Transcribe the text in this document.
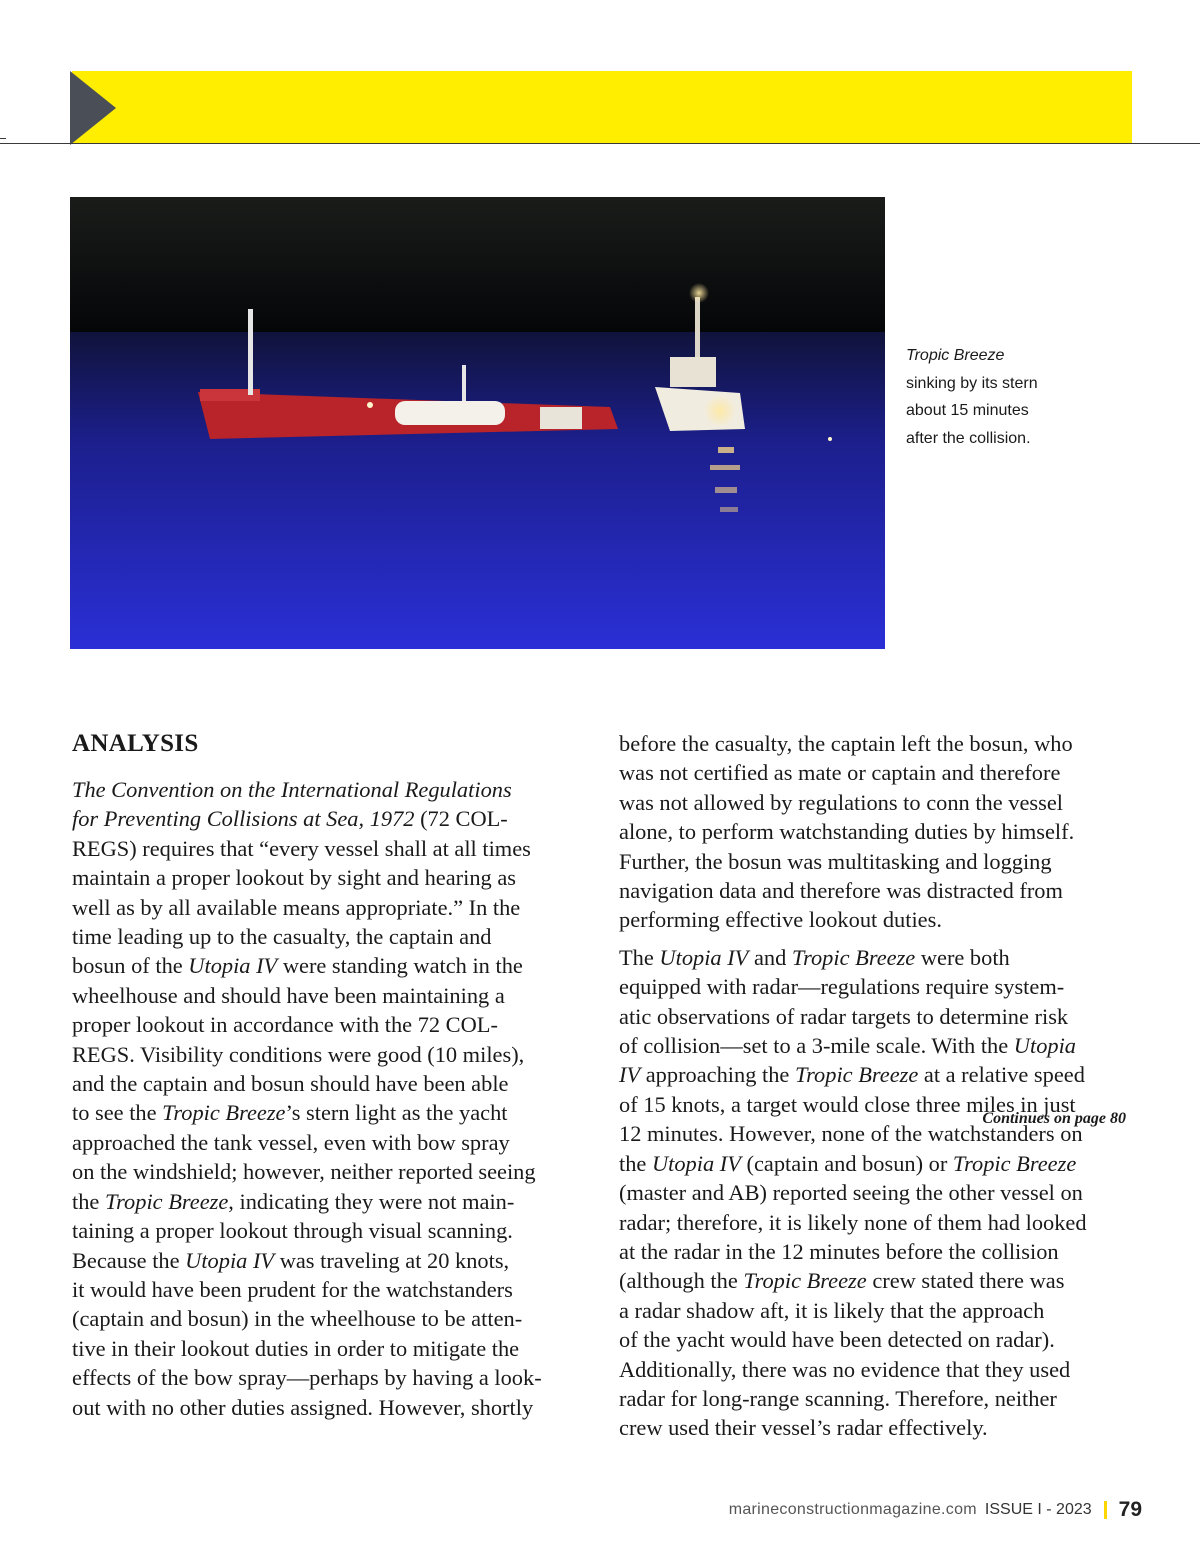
Tropic Breeze
sinking by its stern
about 15 minutes
after the collision.
ANALYSIS
The Convention on the International Regulations
for Preventing Collisions at Sea, 1972 (72 COL-
REGS) requires that “every vessel shall at all times
maintain a proper lookout by sight and hearing as
well as by all available means appropriate.” In the
time leading up to the casualty, the captain and
bosun of the Utopia IV were standing watch in the
wheelhouse and should have been maintaining a
proper lookout in accordance with the 72 COL-
REGS. Visibility conditions were good (10 miles),
and the captain and bosun should have been able
to see the Tropic Breeze’s stern light as the yacht
approached the tank vessel, even with bow spray
on the windshield; however, neither reported seeing
the Tropic Breeze, indicating they were not main-
taining a proper lookout through visual scanning.
Because the Utopia IV was traveling at 20 knots,
it would have been prudent for the watchstanders
(captain and bosun) in the wheelhouse to be atten-
tive in their lookout duties in order to mitigate the
effects of the bow spray—perhaps by having a look-
out with no other duties assigned. However, shortly
before the casualty, the captain left the bosun, who
was not certified as mate or captain and therefore
was not allowed by regulations to conn the vessel
alone, to perform watchstanding duties by himself.
Further, the bosun was multitasking and logging
navigation data and therefore was distracted from
performing effective lookout duties.
The Utopia IV and Tropic Breeze were both
equipped with radar—regulations require system-
atic observations of radar targets to determine risk
of collision—set to a 3-mile scale. With the Utopia
IV approaching the Tropic Breeze at a relative speed
of 15 knots, a target would close three miles in just
12 minutes. However, none of the watchstanders on
the Utopia IV (captain and bosun) or Tropic Breeze
(master and AB) reported seeing the other vessel on
radar; therefore, it is likely none of them had looked
at the radar in the 12 minutes before the collision
(although the Tropic Breeze crew stated there was
a radar shadow aft, it is likely that the approach
of the yacht would have been detected on radar).
Additionally, there was no evidence that they used
radar for long-range scanning. Therefore, neither
crew used their vessel’s radar effectively.
Continues on page 80
marineconstructionmagazine.com ISSUE I - 2023 79
